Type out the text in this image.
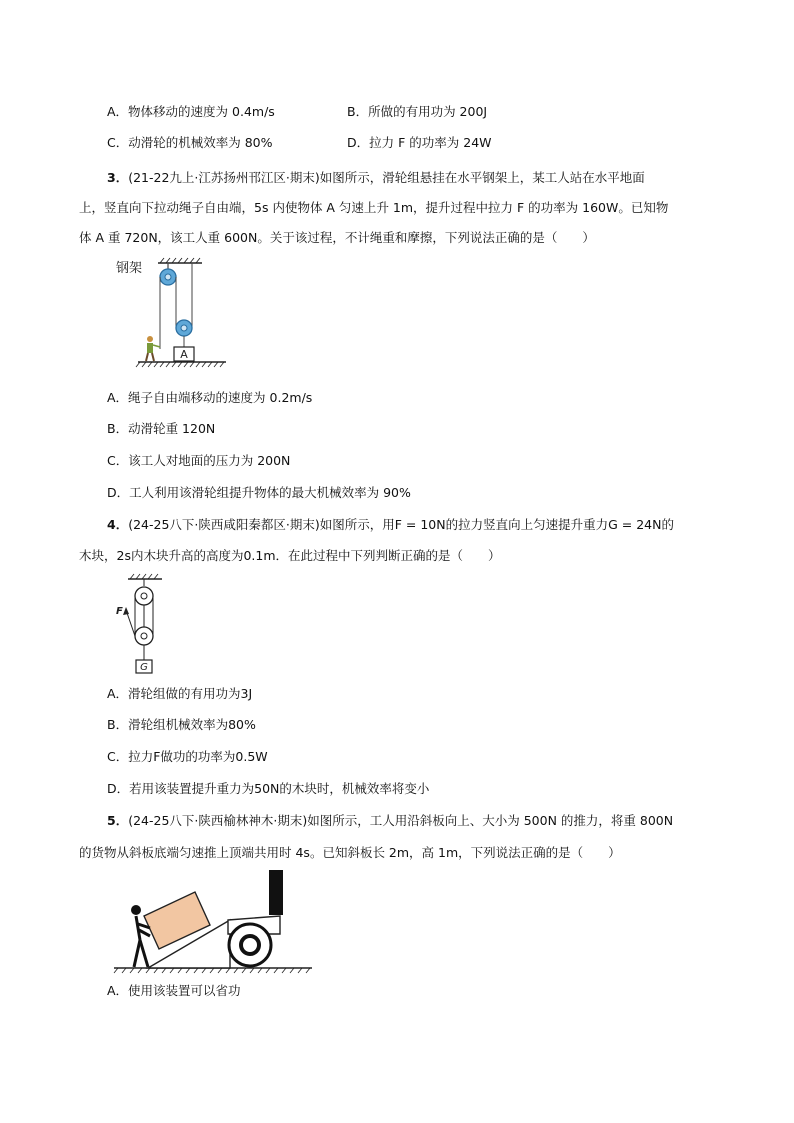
A．物体移动的速度为 0.4m/s	B．所做的有用功为 200J
C．动滑轮的机械效率为 80%	D．拉力 F 的功率为 24W
3．(21-22九上·江苏扬州邗江区·期末)如图所示，滑轮组悬挂在水平钢架上，某工人站在水平地面
上，竖直向下拉动绳子自由端，5s 内使物体 A 匀速上升 1m，提升过程中拉力 F 的功率为 160W。已知物
体 A 重 720N，该工人重 600N。关于该过程，不计绳重和摩擦，下列说法正确的是（　　）
钢架
A
A．绳子自由端移动的速度为 0.2m/s
B．动滑轮重 120N
C．该工人对地面的压力为 200N
D．工人利用该滑轮组提升物体的最大机械效率为 90%
4．(24-25八下·陕西咸阳秦都区·期末)如图所示，用F = 10N的拉力竖直向上匀速提升重力G = 24N的
木块，2s内木块升高的高度为0.1m．在此过程中下列判断正确的是（　　）
F
G
A．滑轮组做的有用功为3J
B．滑轮组机械效率为80%
C．拉力F做功的功率为0.5W
D．若用该装置提升重力为50N的木块时，机械效率将变小
5．(24-25八下·陕西榆林神木·期末)如图所示，工人用沿斜板向上、大小为 500N 的推力，将重 800N
的货物从斜板底端匀速推上顶端共用时 4s。已知斜板长 2m，高 1m，下列说法正确的是（　　）
A．使用该装置可以省功
